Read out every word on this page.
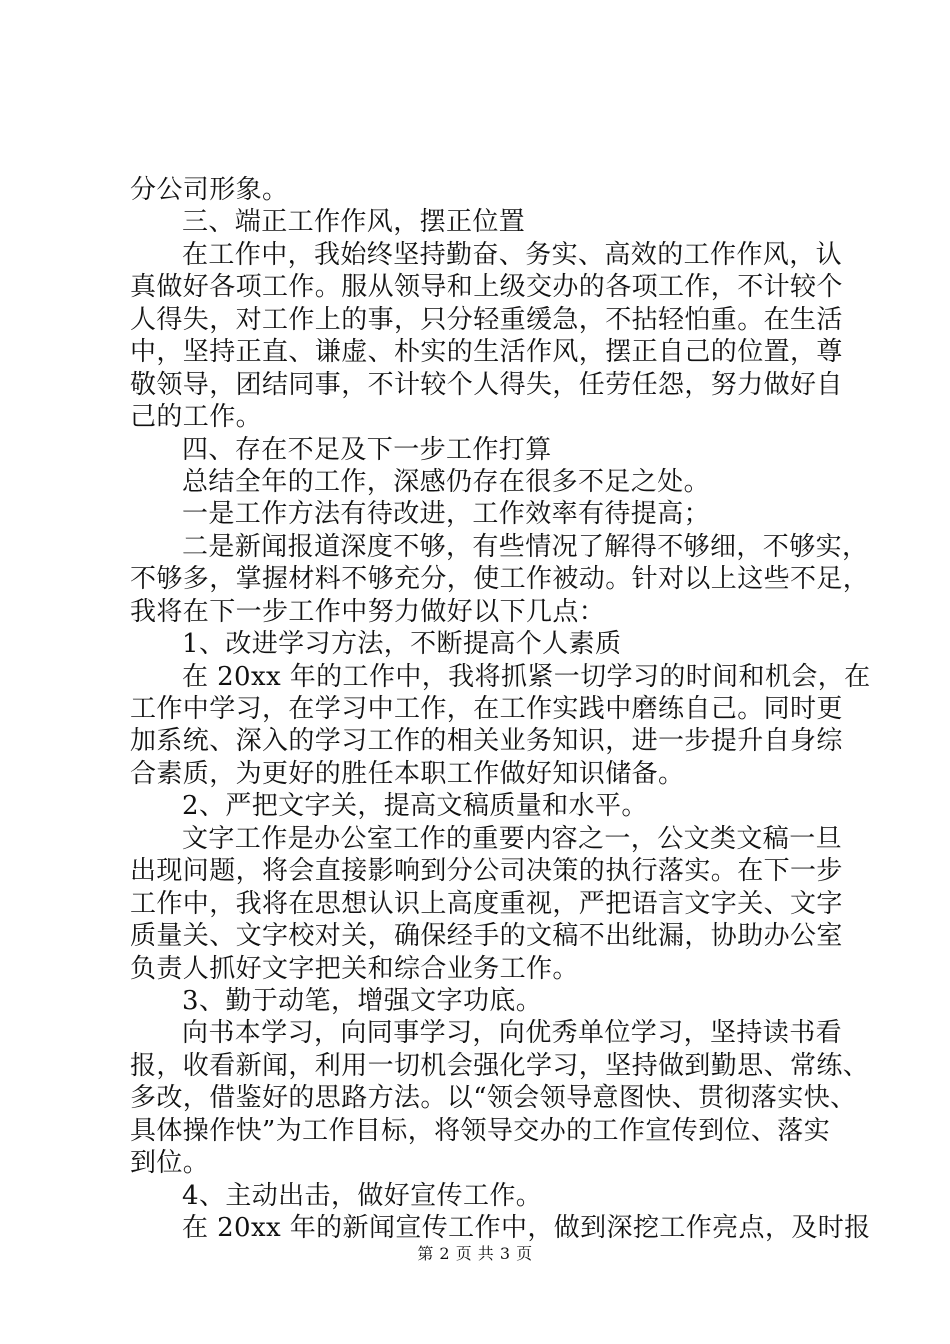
分公司形象。
三、端正工作作风，摆正位置
在工作中，我始终坚持勤奋、务实、高效的工作作风，认
真做好各项工作。服从领导和上级交办的各项工作，不计较个
人得失，对工作上的事，只分轻重缓急，不拈轻怕重。在生活
中，坚持正直、谦虚、朴实的生活作风，摆正自己的位置，尊
敬领导，团结同事，不计较个人得失，任劳任怨，努力做好自
己的工作。
四、存在不足及下一步工作打算
总结全年的工作，深感仍存在很多不足之处。
一是工作方法有待改进，工作效率有待提高；
二是新闻报道深度不够，有些情况了解得不够细，不够实，
不够多，掌握材料不够充分，使工作被动。针对以上这些不足，
我将在下一步工作中努力做好以下几点：
1、改进学习方法，不断提高个人素质
在 20xx 年的工作中，我将抓紧一切学习的时间和机会，在
工作中学习，在学习中工作，在工作实践中磨练自己。同时更
加系统、深入的学习工作的相关业务知识，进一步提升自身综
合素质，为更好的胜任本职工作做好知识储备。
2、严把文字关，提高文稿质量和水平。
文字工作是办公室工作的重要内容之一，公文类文稿一旦
出现问题，将会直接影响到分公司决策的执行落实。在下一步
工作中，我将在思想认识上高度重视，严把语言文字关、文字
质量关、文字校对关，确保经手的文稿不出纰漏，协助办公室
负责人抓好文字把关和综合业务工作。
3、勤于动笔，增强文字功底。
向书本学习，向同事学习，向优秀单位学习，坚持读书看
报，收看新闻，利用一切机会强化学习，坚持做到勤思、常练、
多改，借鉴好的思路方法。以“领会领导意图快、贯彻落实快、
具体操作快”为工作目标，将领导交办的工作宣传到位、落实
到位。
4、主动出击，做好宣传工作。
在 20xx 年的新闻宣传工作中，做到深挖工作亮点，及时报
第 2 页 共 3 页
